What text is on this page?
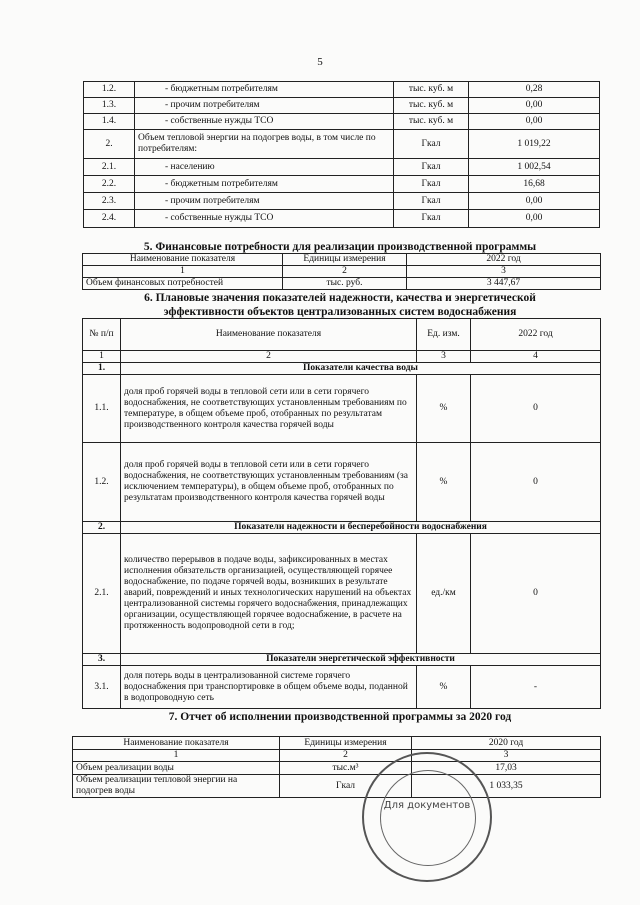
5
1.2.	- бюджетным потребителям	тыс. куб. м	0,28
1.3.	- прочим потребителям	тыс. куб. м	0,00
1.4.	- собственные нужды ТСО	тыс. куб. м	0,00
2.	Объем тепловой энергии на подогрев воды, в том числе по потребителям:	Гкал	1 019,22
2.1.	- населению	Гкал	1 002,54
2.2.	- бюджетным потребителям	Гкал	16,68
2.3.	- прочим потребителям	Гкал	0,00
2.4.	- собственные нужды ТСО	Гкал	0,00
5. Финансовые потребности для реализации производственной программы
Наименование показателя	Единицы измерения	2022 год
1	2	3
Объем финансовых потребностей	тыс. руб.	3 447,67
6. Плановые значения показателей надежности, качества и энергетической
эффективности объектов централизованных систем водоснабжения
№ п/п	Наименование показателя	Ед. изм.	2022 год
1	2	3	4
1.	Показатели качества воды		
1.1.	доля проб горячей воды в тепловой сети или в сети горячего водоснабжения, не соответствующих установленным требованиям по температуре, в общем объеме проб, отобранных по результатам производственного контроля качества горячей воды	%	0
1.2.	доля проб горячей воды в тепловой сети или в сети горячего водоснабжения, не соответствующих установленным требованиям (за исключением температуры), в общем объеме проб, отобранных по результатам производственного контроля качества горячей воды	%	0
2.	Показатели надежности и бесперебойности водоснабжения		
2.1.	количество перерывов в подаче воды, зафиксированных в местах исполнения обязательств организацией, осуществляющей горячее водоснабжение, по подаче горячей воды, возникших в результате аварий, повреждений и иных технологических нарушений на объектах централизованной системы горячего водоснабжения, принадлежащих организации, осуществляющей горячее водоснабжение, в расчете на протяженность водопроводной сети в год;	ед./км	0
3.	Показатели энергетической эффективности		
3.1.	доля потерь воды в централизованной системе горячего водоснабжения при транспортировке в общем объеме воды, поданной в водопроводную сеть	%	-
7. Отчет об исполнении производственной программы за 2020 год
Наименование показателя	Единицы измерения	2020 год
1	2	3
Объем реализации воды	тыс.м³	17,03
Объем реализации тепловой энергии на подогрев воды	Гкал	1 033,35
Для документов
